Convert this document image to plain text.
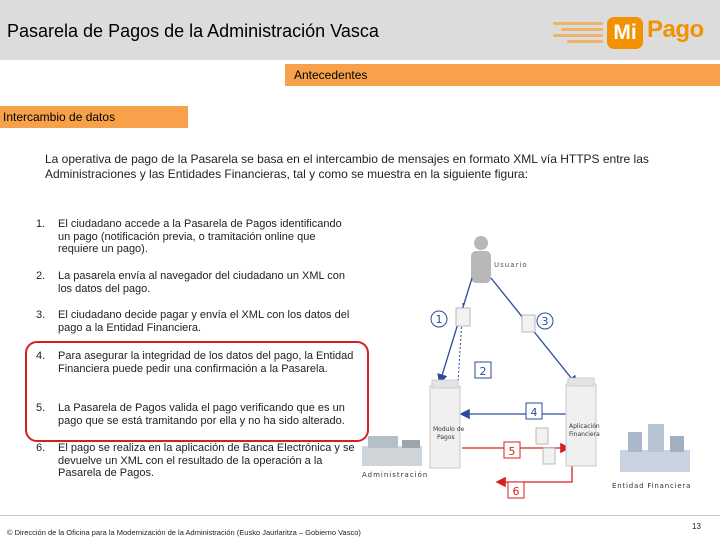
Pasarela de Pagos de la Administración Vasca	Mi Pago
Antecedentes
Intercambio de datos
La operativa de pago de la Pasarela se basa en el intercambio de mensajes en formato XML vía HTTPS entre las Administraciones y las Entidades Financieras, tal y como se muestra en la siguiente figura:
1. El ciudadano accede a la Pasarela de Pagos identificando un pago (notificación previa, o tramitación online que requiere un pago).
2. La pasarela envía al navegador del ciudadano un XML con los datos del pago.
3. El ciudadano decide pagar y envía el XML con los datos del pago a la Entidad Financiera.
4. Para asegurar la integridad de los datos del pago, la Entidad Financiera puede pedir una confirmación a la Pasarela.
5. La Pasarela de Pagos valida el pago verificando que es un pago que se está tramitando por ella y no ha sido alterado.
6. El pago se realiza en la aplicación de Banca Electrónica y se devuelve un XML con el resultado de la operación a la Pasarela de Pagos.
Usuario
Modulo de
Pagos
Aplicación
Financiera
Administración
Entidad Financiera
1
2
3
4
5
6
© Dirección de la Oficina para la Modernización de la Administración (Eusko Jaurlaritza – Gobierno Vasco)
13
